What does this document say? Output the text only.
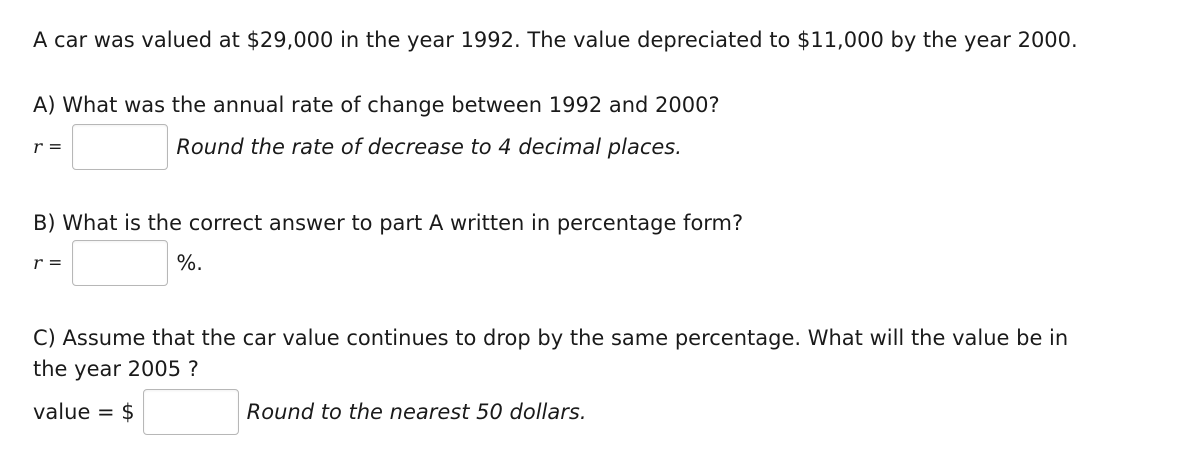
A car was valued at $29,000 in the year 1992. The value depreciated to $11,000 by the year 2000.
A) What was the annual rate of change between 1992 and 2000?
r =	Round the rate of decrease to 4 decimal places.
B) What is the correct answer to part A written in percentage form?
r =	%.
C) Assume that the car value continues to drop by the same percentage. What will the value be in
the year 2005 ?
value = $	Round to the nearest 50 dollars.
